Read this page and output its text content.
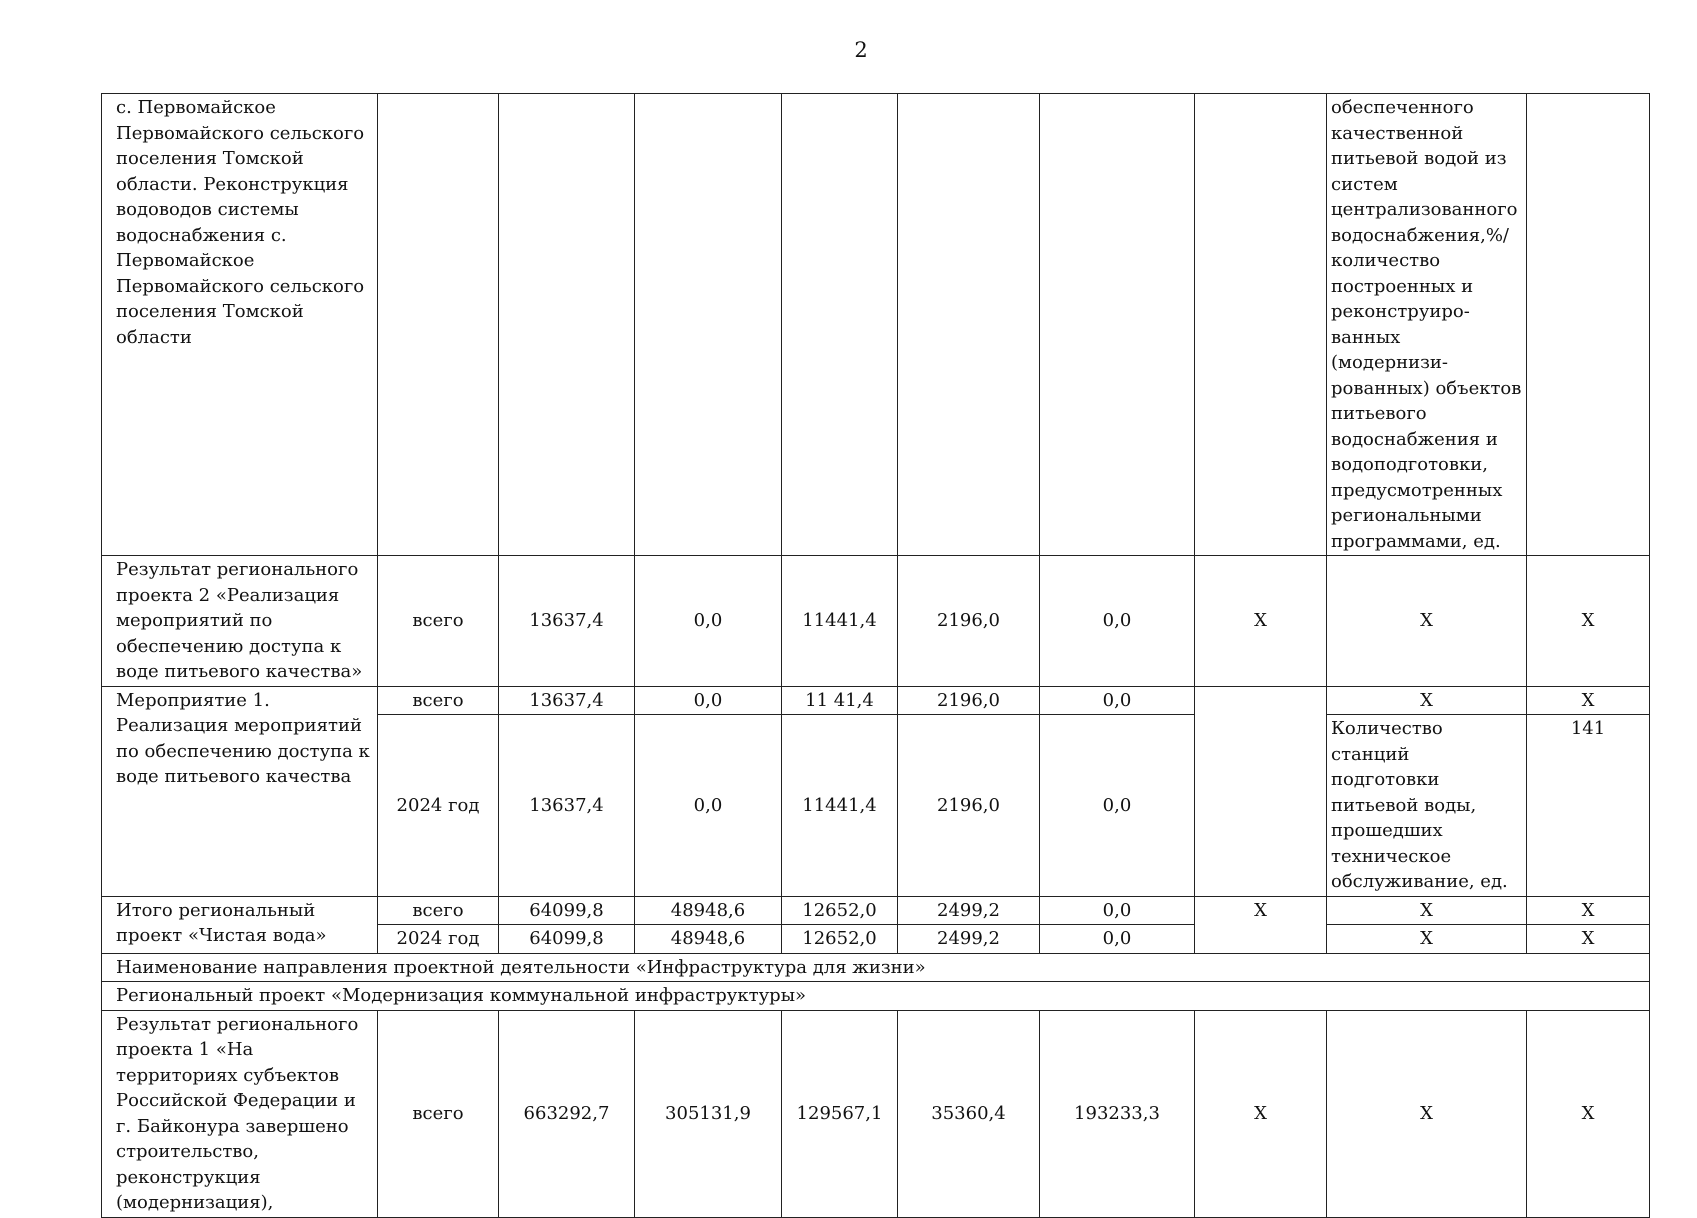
2
с. Первомайское Первомайского сельского поселения Томской области. Реконструкция водоводов системы водоснабжения с. Первомайское Первомайского сельского поселения Томской области								обеспеченного качественной питьевой водой из систем централизованного водоснабжения,%/ количество построенных и реконструиро-ванных (модернизи-рованных) объектов питьевого водоснабжения и водоподготовки, предусмотренных региональными программами, ед.	
Результат регионального проекта 2 «Реализация мероприятий по обеспечению доступа к воде питьевого качества»	всего	13637,4	0,0	11441,4	2196,0	0,0	X	X	X
Мероприятие 1. Реализация мероприятий по обеспечению доступа к воде питьевого качества	всего	13637,4	0,0	11 41,4	2196,0	0,0		X	X
	2024 год	13637,4	0,0	11441,4	2196,0	0,0		Количество станций подготовки питьевой воды, прошедших техническое обслуживание, ед.	141
Итого региональный проект «Чистая вода»	всего	64099,8	48948,6	12652,0	2499,2	0,0	X	X	X
	2024 год	64099,8	48948,6	12652,0	2499,2	0,0		X	X
Наименование направления проектной деятельности «Инфраструктура для жизни»									
Региональный проект «Модернизация коммунальной инфраструктуры»									
Результат регионального проекта 1 «На территориях субъектов Российской Федерации и г. Байконура завершено строительство, реконструкция (модернизация),	всего	663292,7	305131,9	129567,1	35360,4	193233,3	X	X	X
